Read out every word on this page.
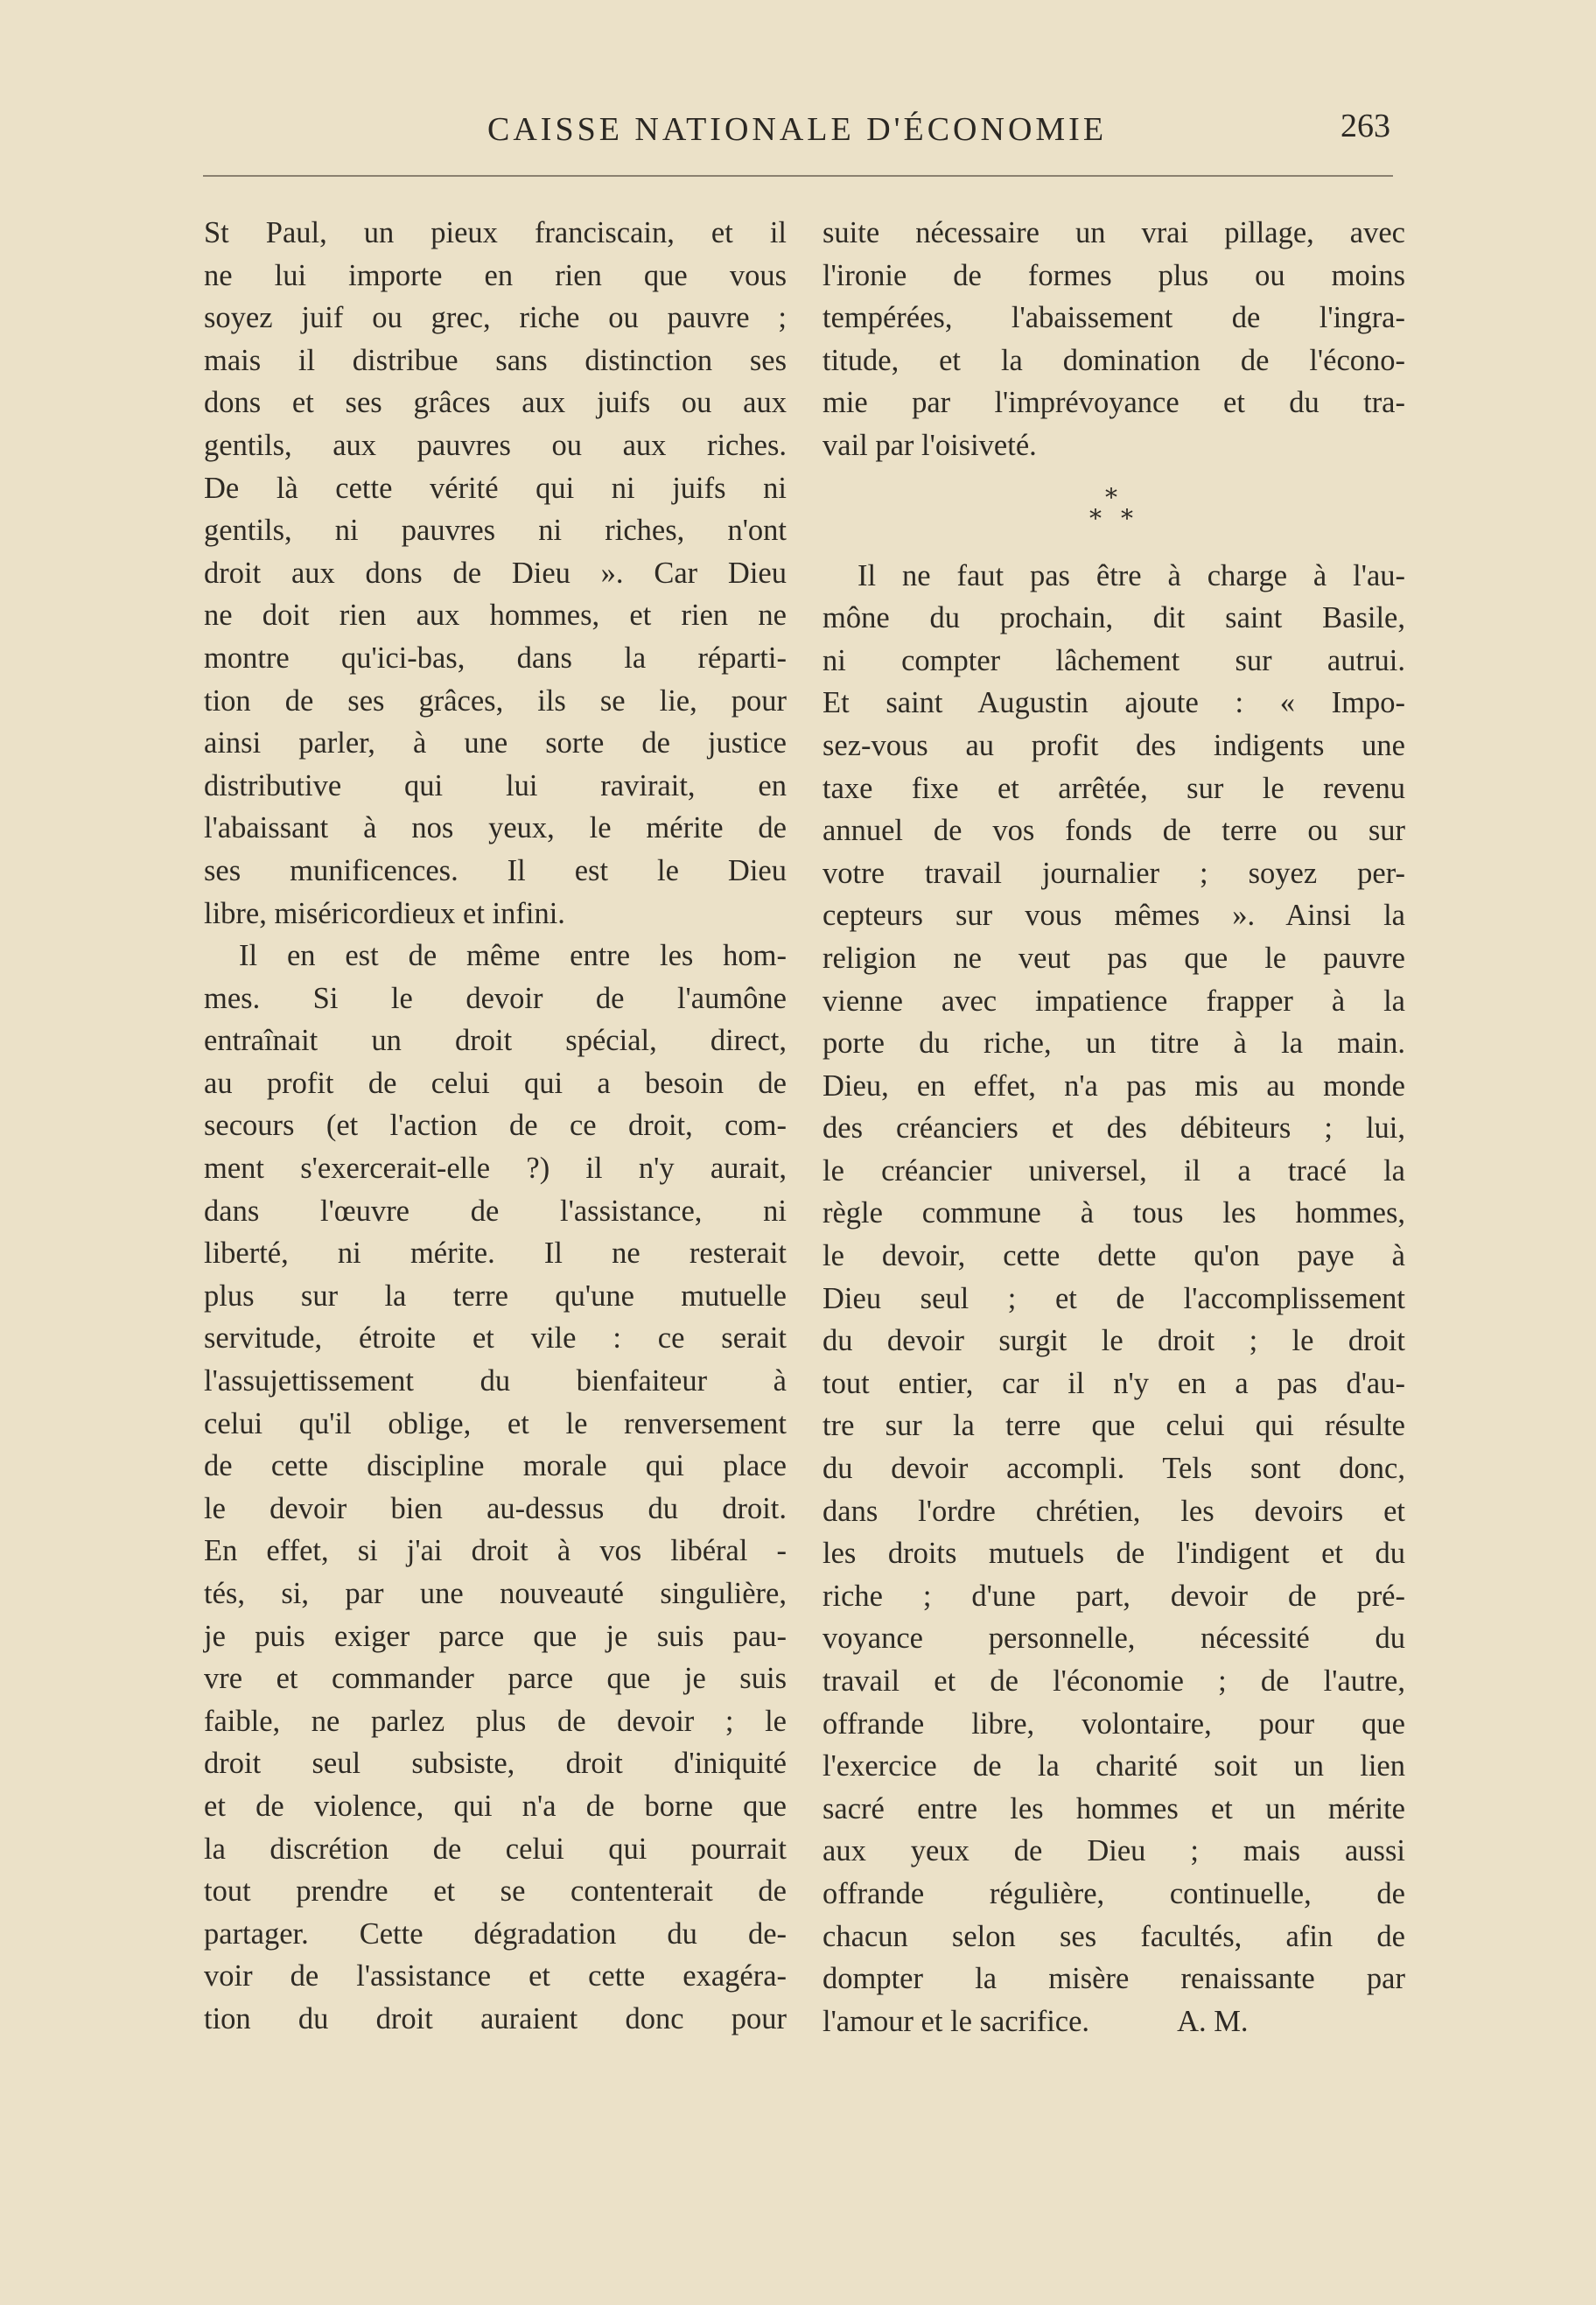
CAISSE NATIONALE D'ÉCONOMIE	263
St Paul, un pieux franciscain, et il
ne lui importe en rien que vous
soyez juif ou grec, riche ou pauvre ;
mais il distribue sans distinction ses
dons et ses grâces aux juifs ou aux
gentils, aux pauvres ou aux riches.
De là cette vérité qui ni juifs ni
gentils, ni pauvres ni riches, n'ont
droit aux dons de Dieu ». Car Dieu
ne doit rien aux hommes, et rien ne
montre qu'ici-bas, dans la réparti-
tion de ses grâces, ils se lie, pour
ainsi parler, à une sorte de justice
distributive qui lui ravirait, en
l'abaissant à nos yeux, le mérite de
ses munificences. Il est le Dieu
libre, miséricordieux et infini.
Il en est de même entre les hom-
mes. Si le devoir de l'aumône
entraînait un droit spécial, direct,
au profit de celui qui a besoin de
secours (et l'action de ce droit, com-
ment s'exercerait-elle ?) il n'y aurait,
dans l'œuvre de l'assistance, ni
liberté, ni mérite. Il ne resterait
plus sur la terre qu'une mutuelle
servitude, étroite et vile : ce serait
l'assujettissement du bienfaiteur à
celui qu'il oblige, et le renversement
de cette discipline morale qui place
le devoir bien au-dessus du droit.
En effet, si j'ai droit à vos libéral -
tés, si, par une nouveauté singulière,
je puis exiger parce que je suis pau-
vre et commander parce que je suis
faible, ne parlez plus de devoir ; le
droit seul subsiste, droit d'iniquité
et de violence, qui n'a de borne que
la discrétion de celui qui pourrait
tout prendre et se contenterait de
partager. Cette dégradation du de-
voir de l'assistance et cette exagéra-
tion du droit auraient donc pour
suite nécessaire un vrai pillage, avec
l'ironie de formes plus ou moins
tempérées, l'abaissement de l'ingra-
titude, et la domination de l'écono-
mie par l'imprévoyance et du tra-
vail par l'oisiveté.
*
* *
Il ne faut pas être à charge à l'au-
mône du prochain, dit saint Basile,
ni compter lâchement sur autrui.
Et saint Augustin ajoute : « Impo-
sez-vous au profit des indigents une
taxe fixe et arrêtée, sur le revenu
annuel de vos fonds de terre ou sur
votre travail journalier ; soyez per-
cepteurs sur vous mêmes ». Ainsi la
religion ne veut pas que le pauvre
vienne avec impatience frapper à la
porte du riche, un titre à la main.
Dieu, en effet, n'a pas mis au monde
des créanciers et des débiteurs ; lui,
le créancier universel, il a tracé la
règle commune à tous les hommes,
le devoir, cette dette qu'on paye à
Dieu seul ; et de l'accomplissement
du devoir surgit le droit ; le droit
tout entier, car il n'y en a pas d'au-
tre sur la terre que celui qui résulte
du devoir accompli. Tels sont donc,
dans l'ordre chrétien, les devoirs et
les droits mutuels de l'indigent et du
riche ; d'une part, devoir de pré-
voyance personnelle, nécessité du
travail et de l'économie ; de l'autre,
offrande libre, volontaire, pour que
l'exercice de la charité soit un lien
sacré entre les hommes et un mérite
aux yeux de Dieu ; mais aussi
offrande régulière, continuelle, de
chacun selon ses facultés, afin de
dompter la misère renaissante par
l'amour et le sacrifice.	A. M.
